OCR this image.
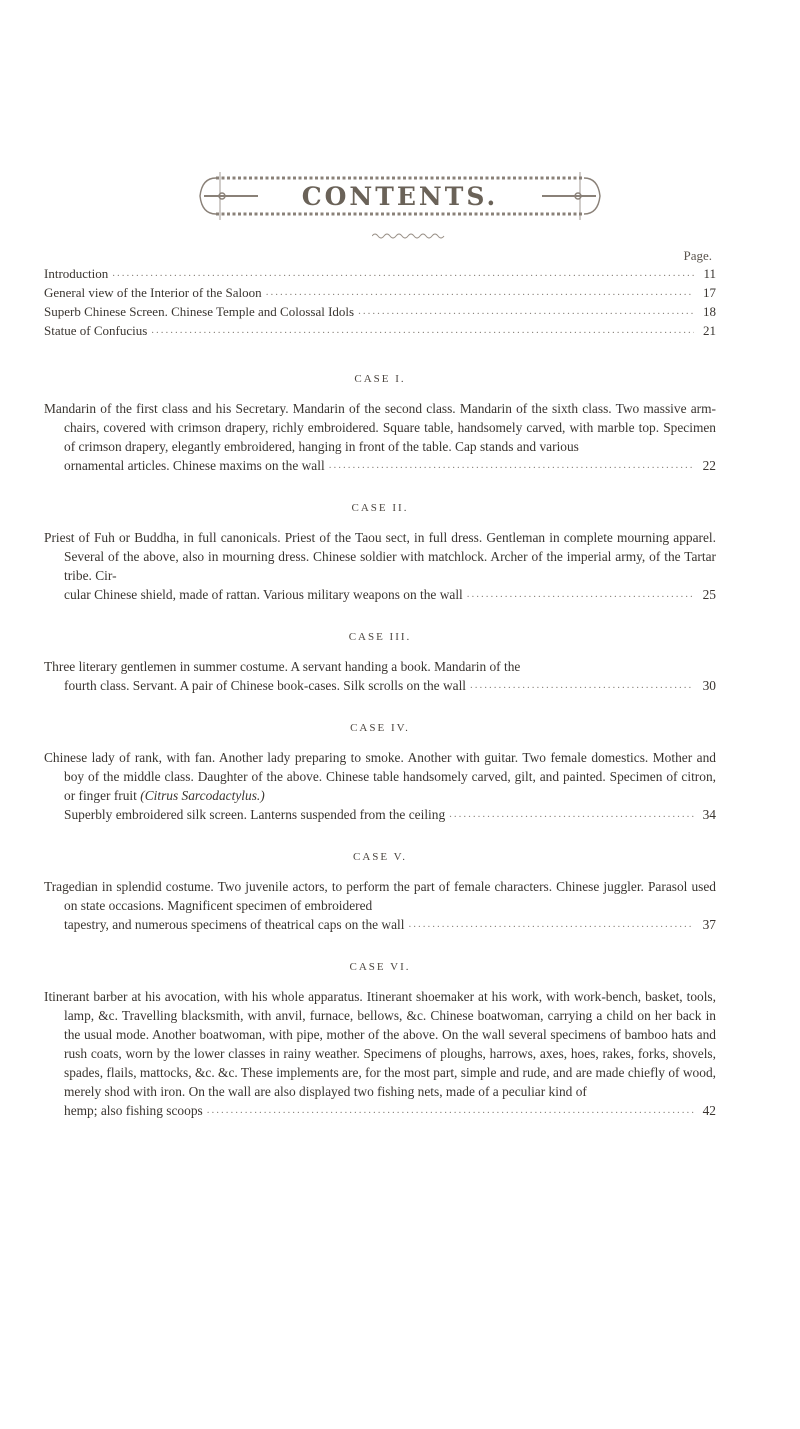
CONTENTS.
Page.
Introduction .....	11
General view of the Interior of the Saloon .....	17
Superb Chinese Screen. Chinese Temple and Colossal Idols .....	18
Statue of Confucius .....	21
CASE I.
Mandarin of the first class and his Secretary. Mandarin of the second class. Mandarin of the sixth class. Two massive arm-chairs, covered with crimson drapery, richly embroidered. Square table, handsomely carved, with marble top. Specimen of crimson drapery, elegantly embroidered, hanging in front of the table. Cap stands and various
ornamental articles. Chinese maxims on the wall .....	22
CASE II.
Priest of Fuh or Buddha, in full canonicals. Priest of the Taou sect, in full dress. Gentleman in complete mourning apparel. Several of the above, also in mourning dress. Chinese soldier with matchlock. Archer of the imperial army, of the Tartar tribe. Cir-
cular Chinese shield, made of rattan. Various military weapons on the wall .....	25
CASE III.
Three literary gentlemen in summer costume. A servant handing a book. Mandarin of the
fourth class. Servant. A pair of Chinese book-cases. Silk scrolls on the wall .....	30
CASE IV.
Chinese lady of rank, with fan. Another lady preparing to smoke. Another with guitar. Two female domestics. Mother and boy of the middle class. Daughter of the above. Chinese table handsomely carved, gilt, and painted. Specimen of citron, or finger fruit (Citrus Sarcodactylus.)
Superbly embroidered silk screen. Lanterns suspended from the ceiling .....	34
CASE V.
Tragedian in splendid costume. Two juvenile actors, to perform the part of female characters. Chinese juggler. Parasol used on state occasions. Magnificent specimen of embroidered
tapestry, and numerous specimens of theatrical caps on the wall .....	37
CASE VI.
Itinerant barber at his avocation, with his whole apparatus. Itinerant shoemaker at his work, with work-bench, basket, tools, lamp, &c. Travelling blacksmith, with anvil, furnace, bellows, &c. Chinese boatwoman, carrying a child on her back in the usual mode. Another boatwoman, with pipe, mother of the above. On the wall several specimens of bamboo hats and rush coats, worn by the lower classes in rainy weather. Specimens of ploughs, harrows, axes, hoes, rakes, forks, shovels, spades, flails, mattocks, &c. &c. These implements are, for the most part, simple and rude, and are made chiefly of wood, merely shod with iron. On the wall are also displayed two fishing nets, made of a peculiar kind of
hemp; also fishing scoops .....	42
